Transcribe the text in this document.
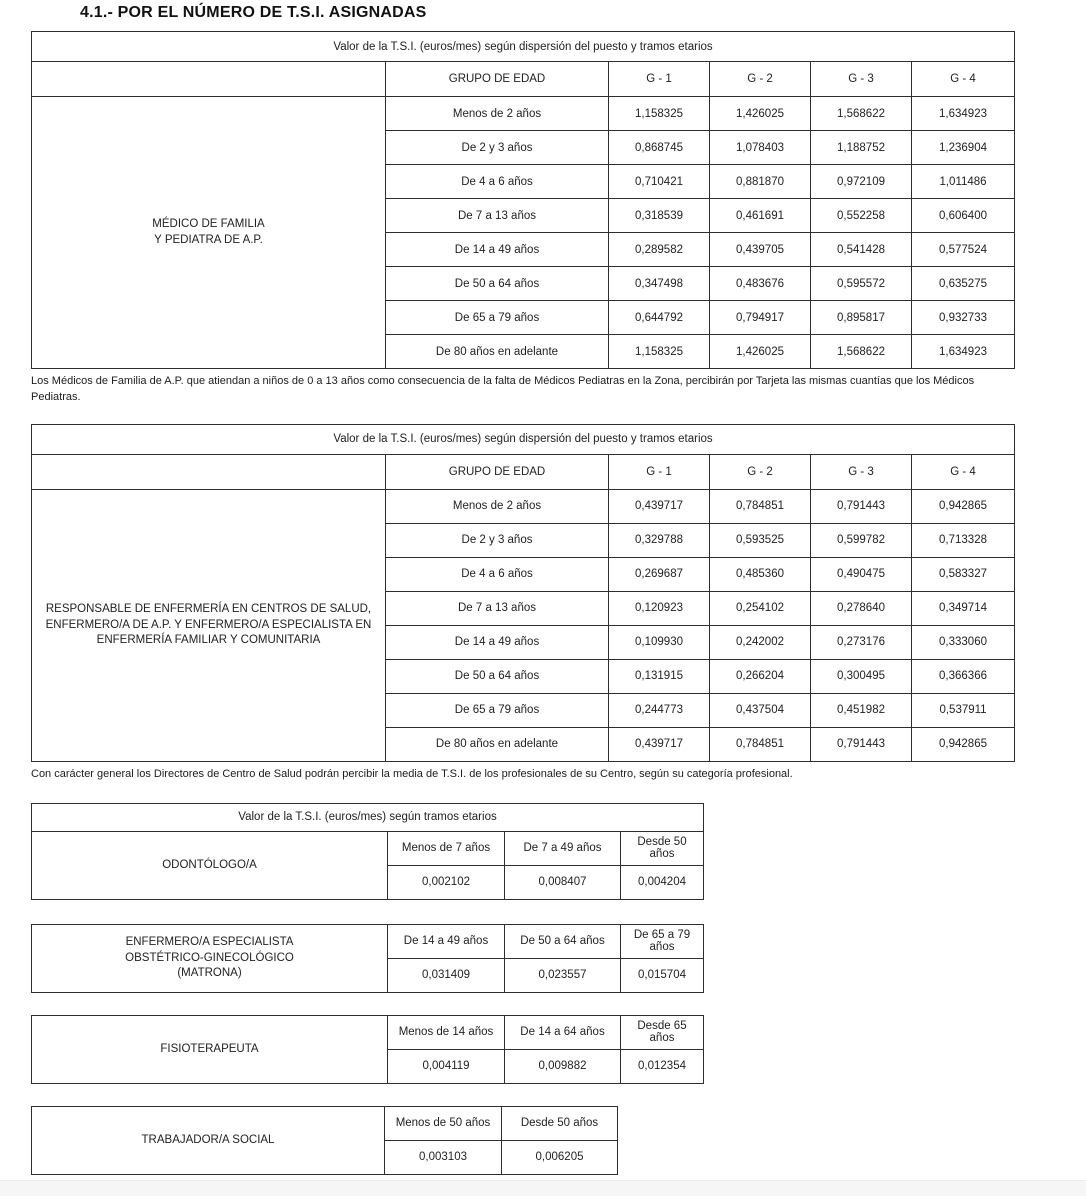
4.1.- POR EL NÚMERO DE T.S.I. ASIGNADAS
Valor de la T.S.I. (euros/mes) según dispersión del puesto y tramos etarios					
	GRUPO DE EDAD	G - 1	G - 2	G - 3	G - 4

MÉDICO DE FAMILIA
Y PEDIATRA DE A.P.	Menos de 2 años	1,158325	1,426025	1,568622	1,634923
	De 2 y 3 años	0,868745	1,078403	1,188752	1,236904
	De 4 a 6 años	0,710421	0,881870	0,972109	1,011486
	De 7 a 13 años	0,318539	0,461691	0,552258	0,606400
	De 14 a 49 años	0,289582	0,439705	0,541428	0,577524
	De 50 a 64 años	0,347498	0,483676	0,595572	0,635275
	De 65 a 79 años	0,644792	0,794917	0,895817	0,932733
	De 80 años en adelante	1,158325	1,426025	1,568622	1,634923

Los Médicos de Familia de A.P. que atiendan a niños de 0 a 13 años como consecuencia de la falta de Médicos Pediatras en la Zona, percibirán por Tarjeta las mismas cuantías que los Médicos Pediatras.

Valor de la T.S.I. (euros/mes) según dispersión del puesto y tramos etarios					
	GRUPO DE EDAD	G - 1	G - 2	G - 3	G - 4

RESPONSABLE DE ENFERMERÍA EN CENTROS DE SALUD,
ENFERMERO/A DE A.P. Y ENFERMERO/A ESPECIALISTA EN
ENFERMERÍA FAMILIAR Y COMUNITARIA	Menos de 2 años	0,439717	0,784851	0,791443	0,942865
	De 2 y 3 años	0,329788	0,593525	0,599782	0,713328
	De 4 a 6 años	0,269687	0,485360	0,490475	0,583327
	De 7 a 13 años	0,120923	0,254102	0,278640	0,349714
	De 14 a 49 años	0,109930	0,242002	0,273176	0,333060
	De 50 a 64 años	0,131915	0,266204	0,300495	0,366366
	De 65 a 79 años	0,244773	0,437504	0,451982	0,537911
	De 80 años en adelante	0,439717	0,784851	0,791443	0,942865

Con carácter general los Directores de Centro de Salud podrán percibir la media de T.S.I. de los profesionales de su Centro, según su categoría profesional.

Valor de la T.S.I. (euros/mes) según tramos etarios			
ODONTÓLOGO/A	Menos de 7 años	De 7 a 49 años	Desde 50 años
	0,002102	0,008407	0,004204
ENFERMERO/A ESPECIALISTA
OBSTÉTRICO-GINECOLÓGICO
(MATRONA)	De 14 a 49 años	De 50 a 64 años	De 65 a 79 años
	0,031409	0,023557	0,015704
FISIOTERAPEUTA	Menos de 14 años	De 14 a 64 años	Desde 65 años
	0,004119	0,009882	0,012354
TRABAJADOR/A SOCIAL	Menos de 50 años	Desde 50 años
	0,003103	0,006205
